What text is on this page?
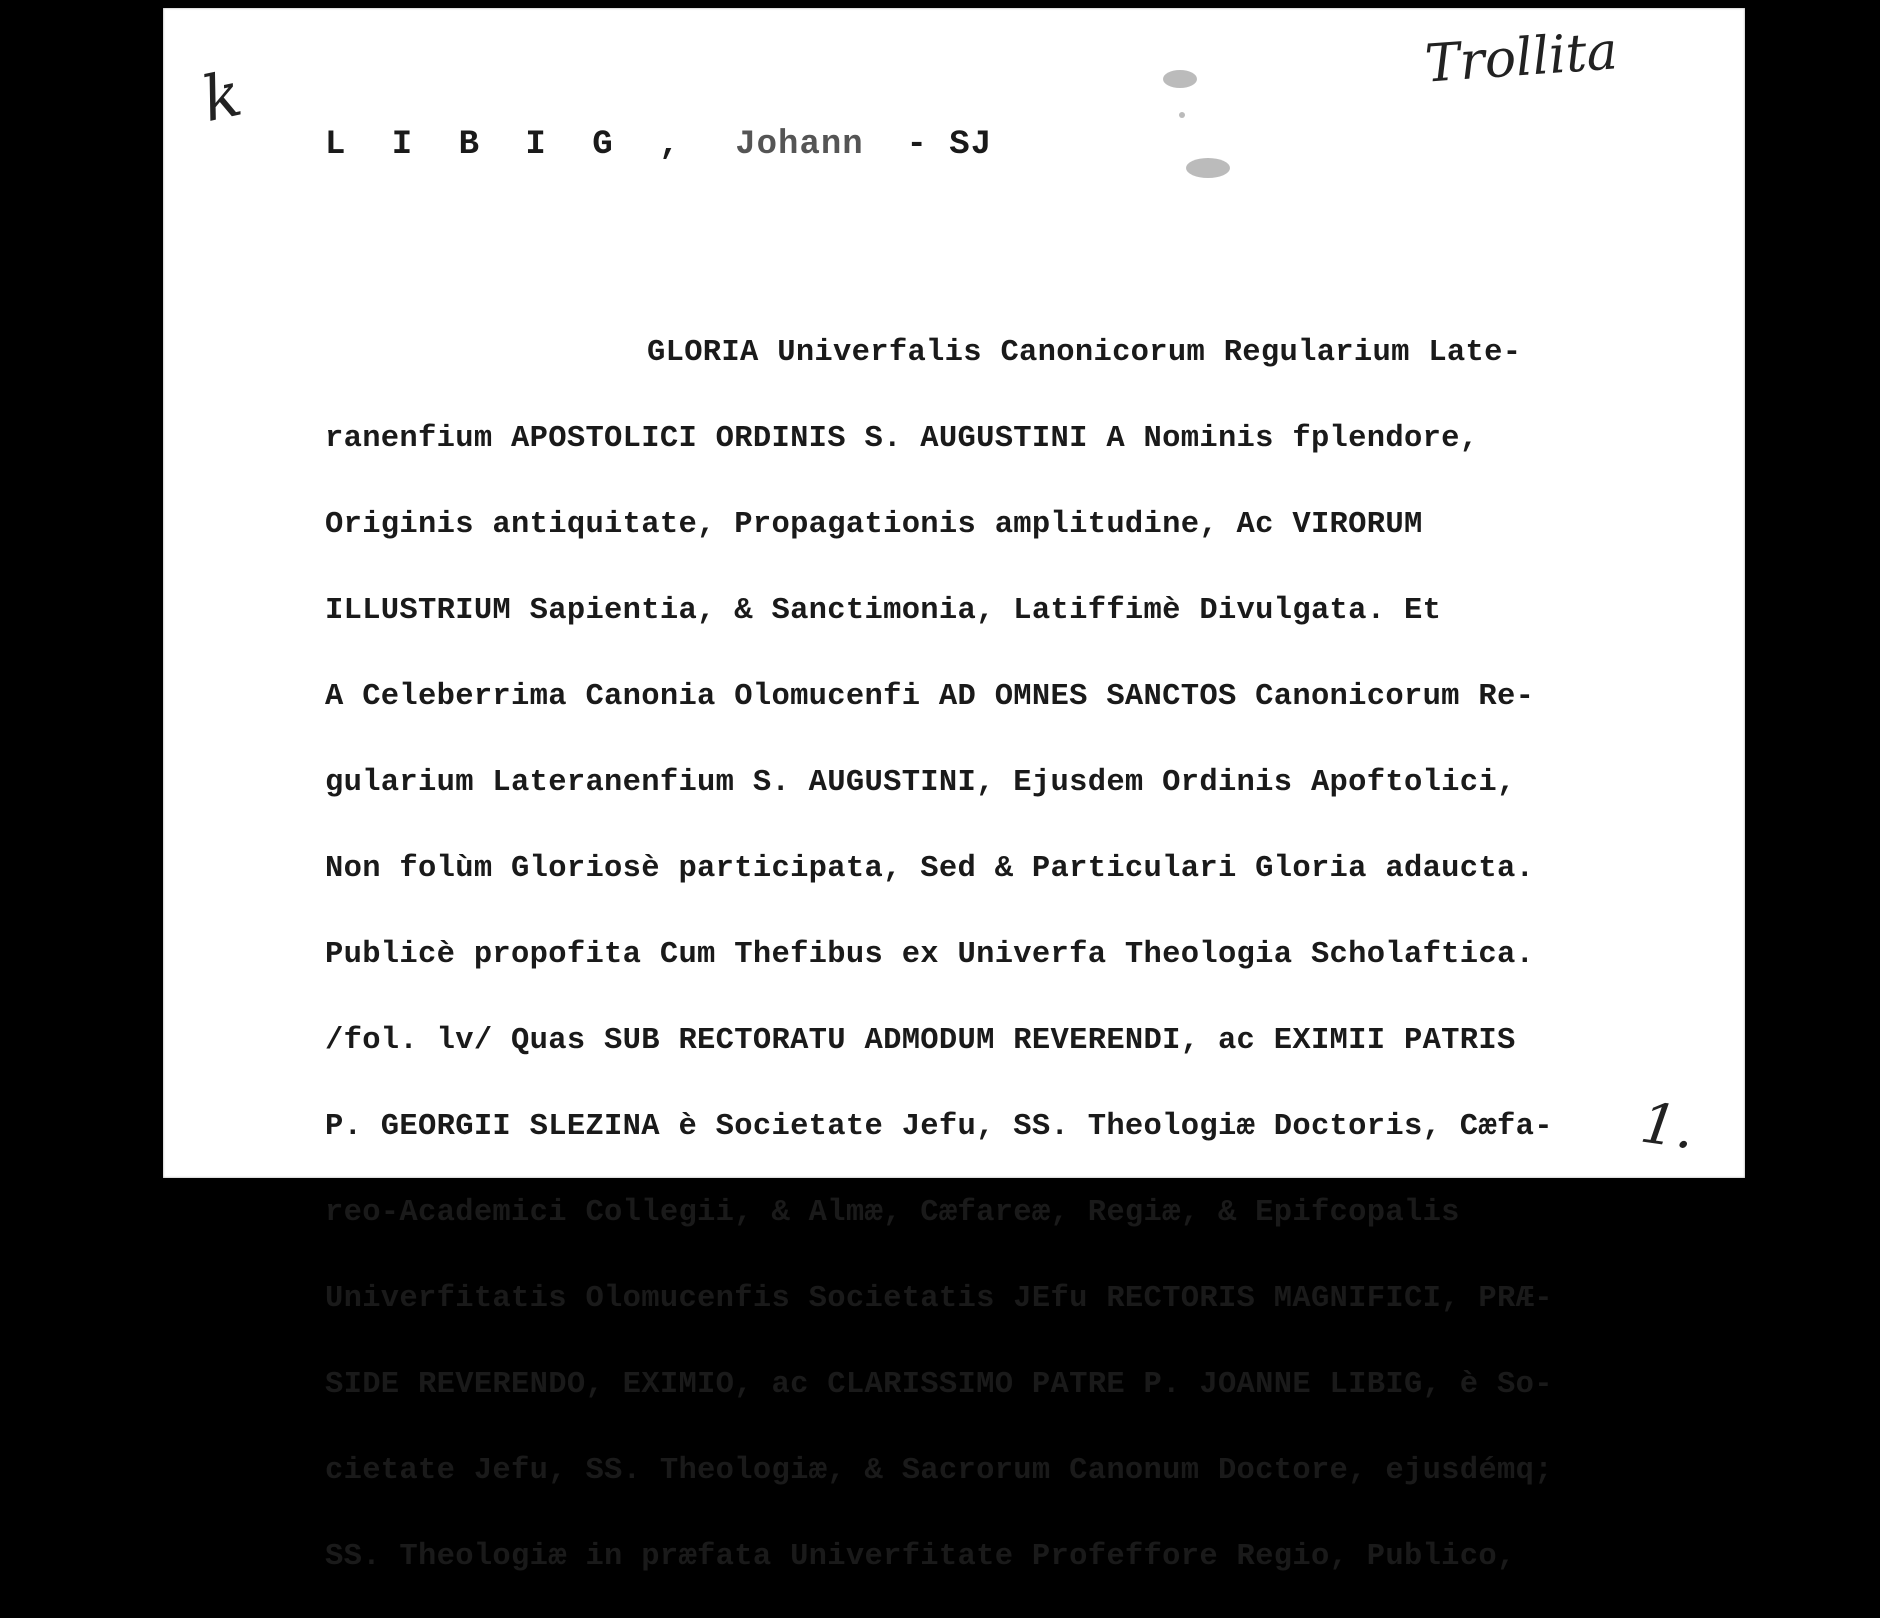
k	Trollita
L I B I G , Johann - SJ

GLORIA Univerfalis Canonicorum Regularium Late-

ranenfium APOSTOLICI ORDINIS S. AUGUSTINI A Nominis fplendore,

Originis antiquitate, Propagationis amplitudine, Ac VIRORUM

ILLUSTRIUM Sapientia, & Sanctimonia, Latiffimè Divulgata. Et

A Celeberrima Canonia Olomucenfi AD OMNES SANCTOS Canonicorum Re-

gularium Lateranenfium S. AUGUSTINI, Ejusdem Ordinis Apoftolici,

Non folùm Gloriosè participata, Sed & Particulari Gloria adaucta.

Publicè propofita Cum Thefibus ex Univerfa Theologia Scholaftica.

/fol. lv/ Quas SUB RECTORATU ADMODUM REVERENDI, ac EXIMII PATRIS

P. GEORGII SLEZINA è Societate Jefu, SS. Theologiæ Doctoris, Cæfa-

reo-Academici Collegii, & Almæ, Cæfareæ, Regiæ, & Epifcopalis

Univerfitatis Olomucenfis Societatis JEfu RECTORIS MAGNIFICI, PRÆ-

SIDE REVERENDO, EXIMIO, ac CLARISSIMO PATRE P. JOANNE LIBIG, è So-

cietate Jefu, SS. Theologiæ, & Sacrorum Canonum Doctore, ejusdémq;

SS. Theologiæ in præfata Univerfitate Profeffore Regio, Publico,

1.
